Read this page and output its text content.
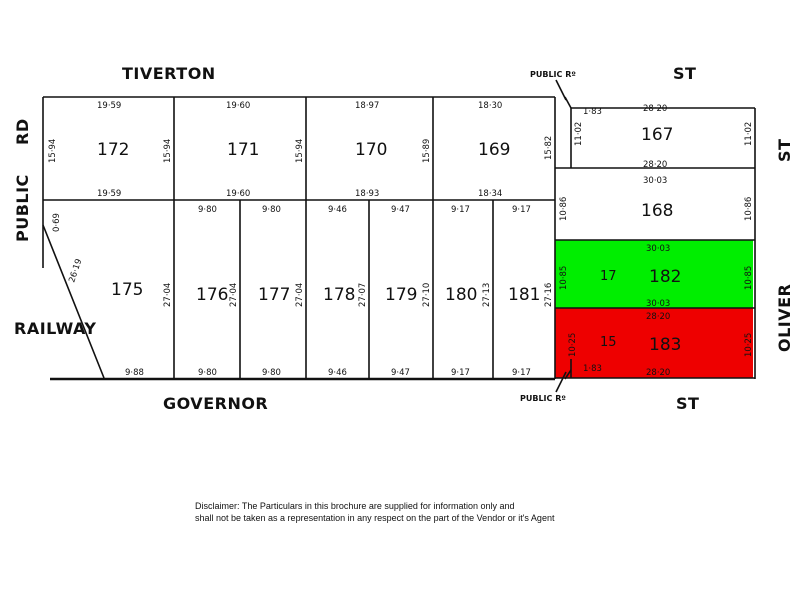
TIVERTON	ST
PUBLIC
RD
RAILWAY
GOVERNOR	ST
OLIVER
ST
PUBLIC Rº
PUBLIC Rº
172	171	170	169
167
168
182
17
183
15
175	176 177 178 179 180 181
19·59
19·59
19·60
19·60
18·97
18·93
18·30
18·34
28·20
28·20
1·83
30·03
30·03
30·03
28·20
28·20
1·83
9·88
9·80
9·80
9·80
9·80
9·46
9·46
9·47
9·47
9·17
9·17
9·17
9·17
15·94	15·94	15·94	15·89	15·82
11·02	11·02
10·86	10·86
10·85	10·85
10·25	10·25
0·69
26·19
27·04	27·04	27·04	27·07	27·10	27·13	27·16
Disclaimer: The Particulars in this brochure are supplied for information only and
shall not be taken as a representation in any respect on the part of the Vendor or it's Agent
